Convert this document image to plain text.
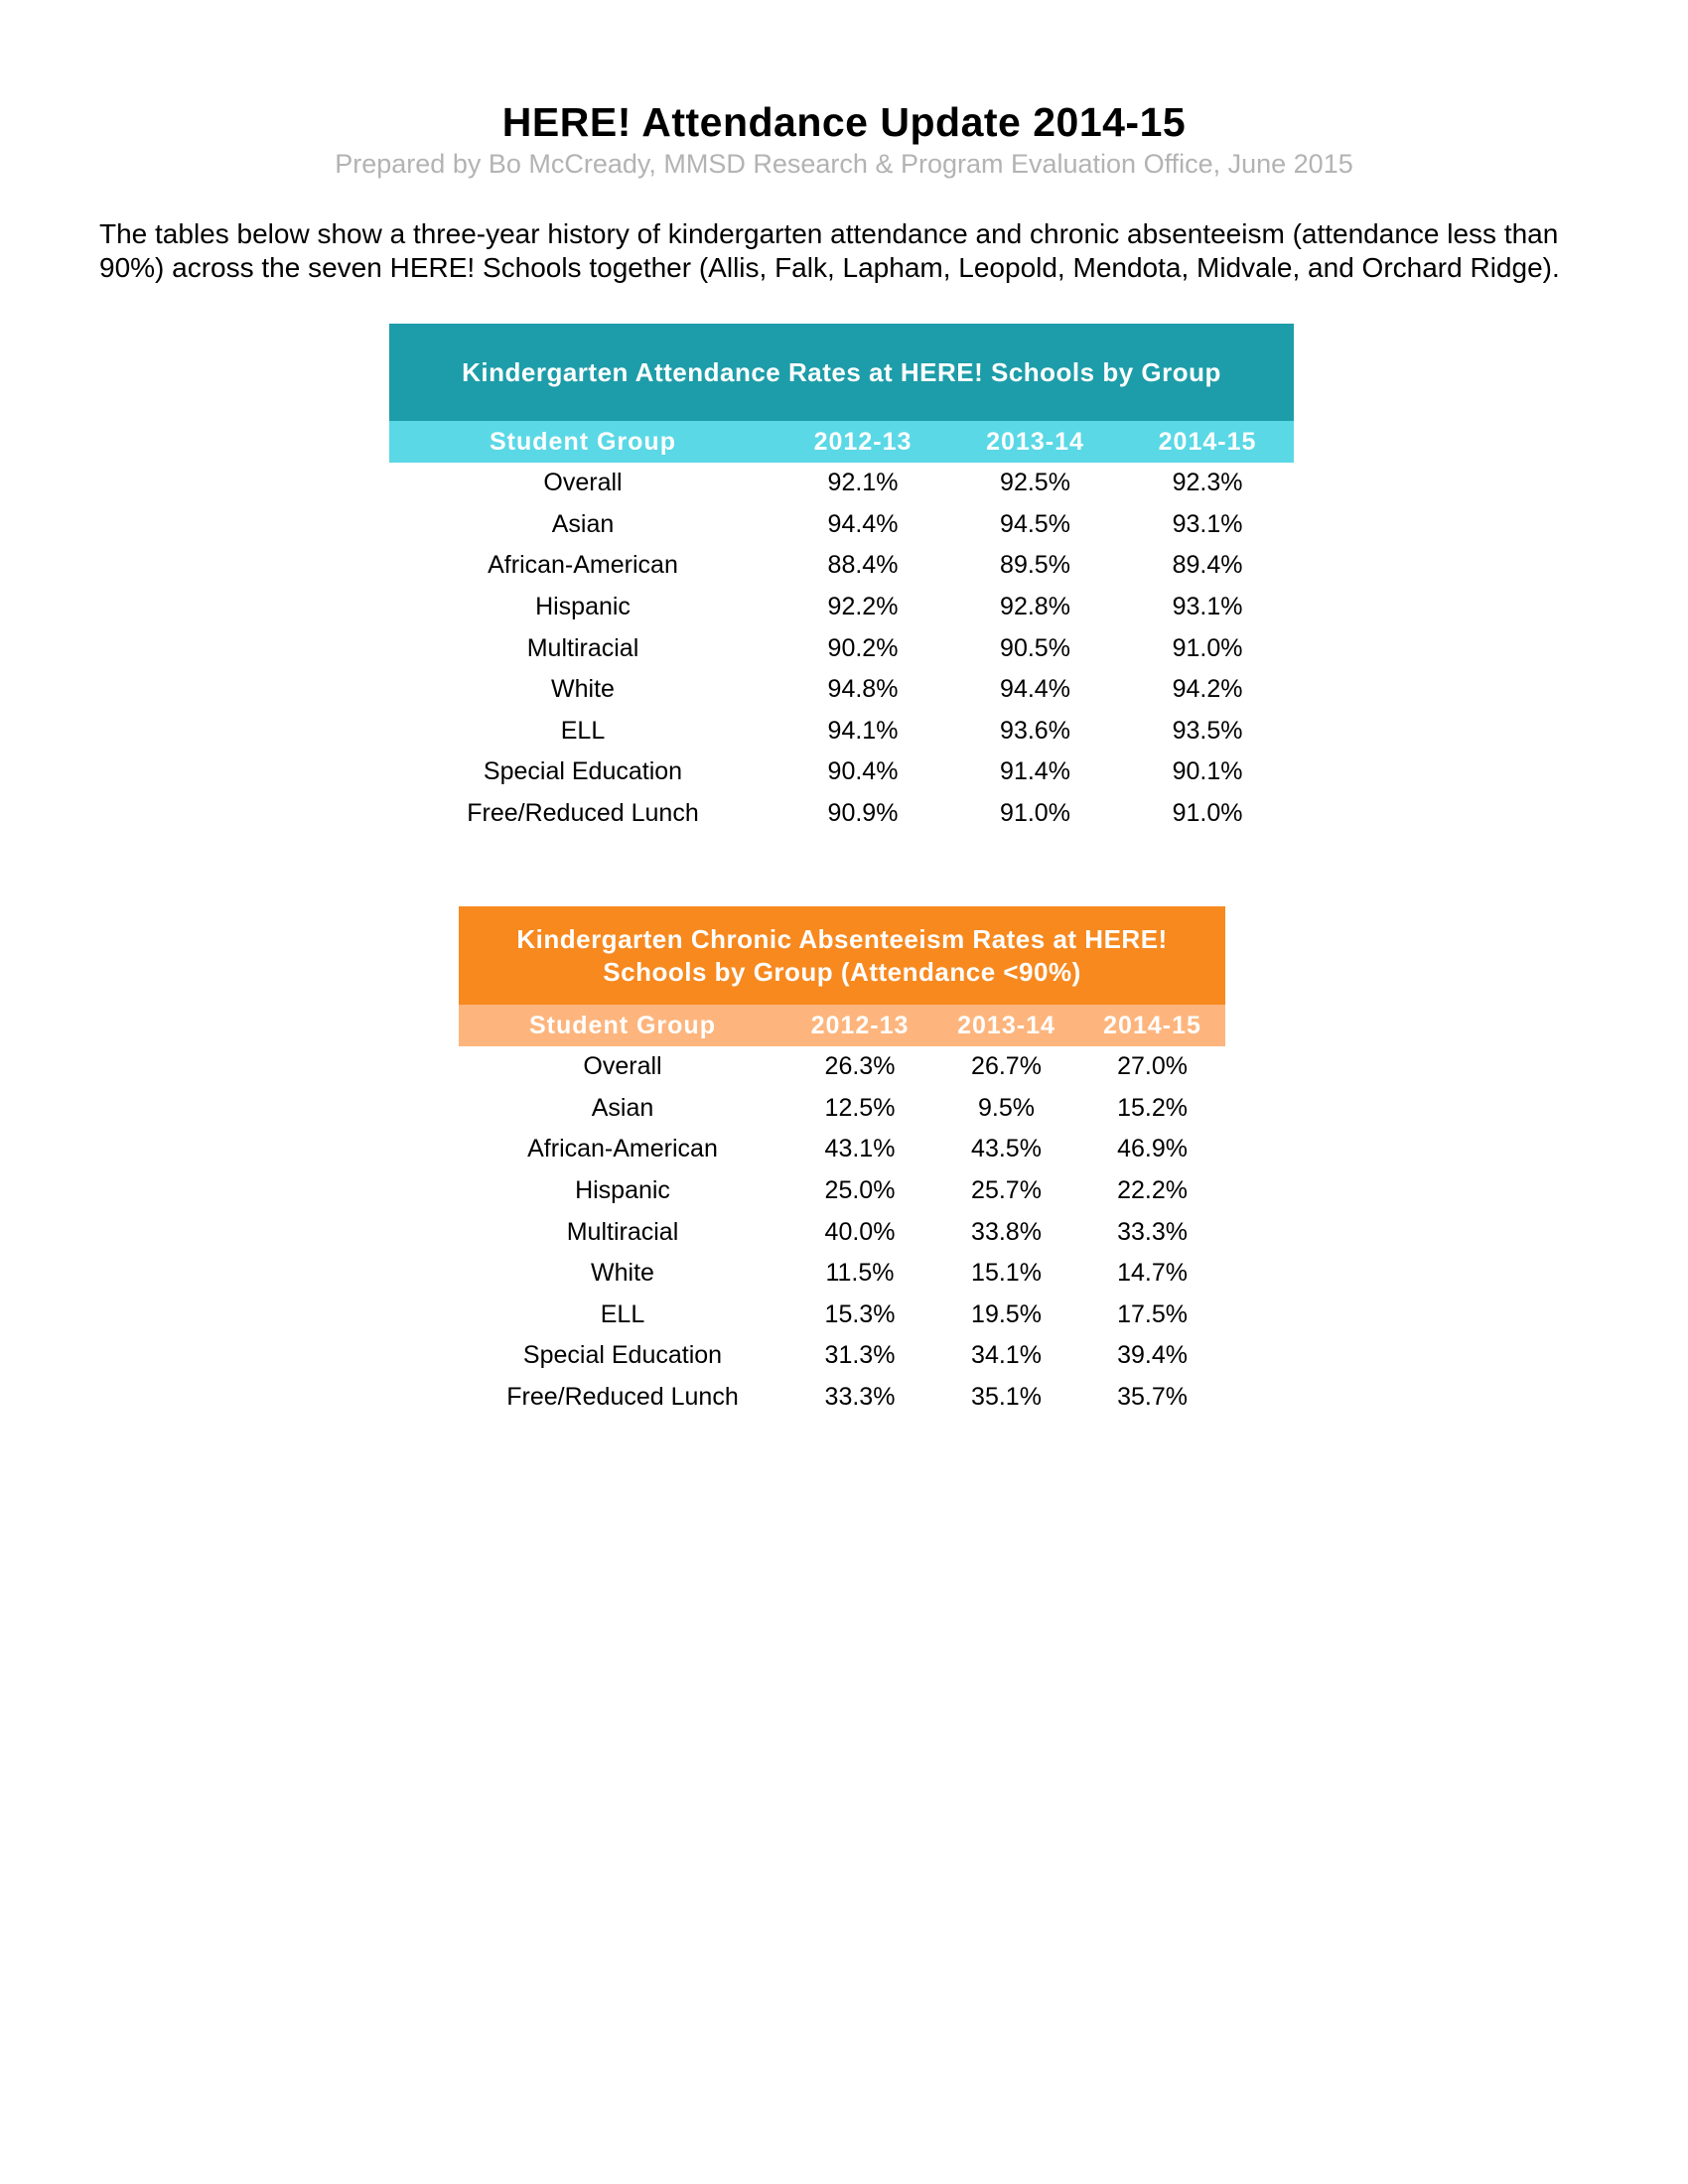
HERE! Attendance Update 2014-15
Prepared by Bo McCready, MMSD Research & Program Evaluation Office, June 2015
The tables below show a three-year history of kindergarten attendance and chronic absenteeism (attendance less than 90%) across the seven HERE! Schools together (Allis, Falk, Lapham, Leopold, Mendota, Midvale, and Orchard Ridge).
Kindergarten Attendance Rates at HERE! Schools by Group			
Student Group	2012-13	2013-14	2014-15
Overall	92.1%	92.5%	92.3%
Asian	94.4%	94.5%	93.1%
African-American	88.4%	89.5%	89.4%
Hispanic	92.2%	92.8%	93.1%
Multiracial	90.2%	90.5%	91.0%
White	94.8%	94.4%	94.2%
ELL	94.1%	93.6%	93.5%
Special Education	90.4%	91.4%	90.1%
Free/Reduced Lunch	90.9%	91.0%	91.0%
Kindergarten Chronic Absenteeism Rates at HERE!
Schools by Group (Attendance <90%)			

Student Group	2012-13	2013-14	2014-15
Overall	26.3%	26.7%	27.0%
Asian	12.5%	9.5%	15.2%
African-American	43.1%	43.5%	46.9%
Hispanic	25.0%	25.7%	22.2%
Multiracial	40.0%	33.8%	33.3%
White	11.5%	15.1%	14.7%
ELL	15.3%	19.5%	17.5%
Special Education	31.3%	34.1%	39.4%
Free/Reduced Lunch	33.3%	35.1%	35.7%
